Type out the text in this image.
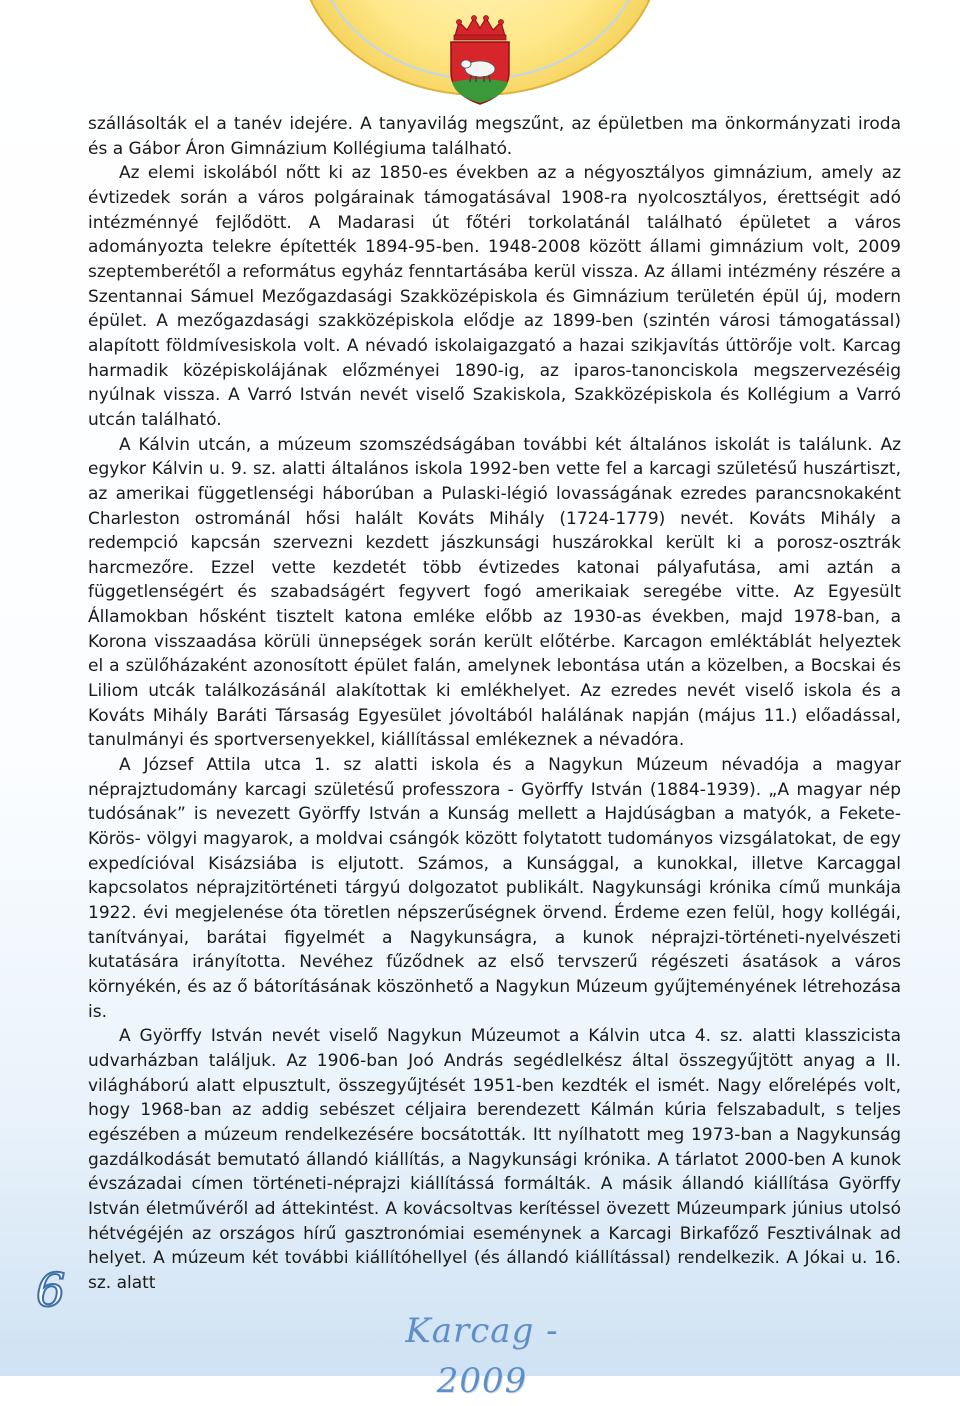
szállásolták el a tanév idejére. A tanyavilág megszűnt, az épületben ma önkormányzati iroda és a Gábor Áron Gimnázium Kollégiuma található.

Az elemi iskolából nőtt ki az 1850-es években az a négyosztályos gimnázium, amely az évtizedek során a város polgárainak támogatásával 1908-ra nyolcosztályos, érettségit adó intézménnyé fejlődött. A Madarasi út főtéri torkolatánál található épületet a város adományozta telekre építették 1894-95-ben. 1948-2008 között állami gimnázium volt, 2009 szeptemberétől a református egyház fenntartásába kerül vissza. Az állami intézmény részére a Szentannai Sámuel Mezőgazdasági Szakközépiskola és Gimnázium területén épül új, modern épület. A mezőgazdasági szakközépiskola elődje az 1899-ben (szintén városi támogatással) alapított földmívesiskola volt. A névadó iskolaigazgató a hazai szikjavítás úttörője volt. Karcag harmadik középiskolájának előzményei 1890-ig, az iparos-tanonciskola megszervezéséig nyúlnak vissza. A Varró István nevét viselő Szakiskola, Szakközépiskola és Kollégium a Varró utcán található.

A Kálvin utcán, a múzeum szomszédságában további két általános iskolát is találunk. Az egykor Kálvin u. 9. sz. alatti általános iskola 1992-ben vette fel a karcagi születésű huszártiszt, az amerikai függetlenségi háborúban a Pulaski-légió lovasságának ezredes parancsnokaként Charleston ostrománál hősi halált Kováts Mihály (1724-1779) nevét. Kováts Mihály a redempció kapcsán szervezni kezdett jászkunsági huszárokkal került ki a porosz-osztrák harcmezőre. Ezzel vette kezdetét több évtizedes katonai pályafutása, ami aztán a függetlenségért és szabadságért fegyvert fogó amerikaiak seregébe vitte. Az Egyesült Államokban hősként tisztelt katona emléke előbb az 1930-as években, majd 1978-ban, a Korona visszaadása körüli ünnepségek során került előtérbe. Karcagon emléktáblát helyeztek el a szülőházaként azonosított épület falán, amelynek lebontása után a közelben, a Bocskai és Liliom utcák találkozásánál alakítottak ki emlékhelyet. Az ezredes nevét viselő iskola és a Kováts Mihály Baráti Társaság Egyesület jóvoltából halálának napján (május 11.) előadással, tanulmányi és sportversenyekkel, kiállítással emlékeznek a névadóra.

A József Attila utca 1. sz alatti iskola és a Nagykun Múzeum névadója a magyar néprajztudomány karcagi születésű professzora - Györffy István (1884-1939). „A magyar nép tudósának” is nevezett Györffy István a Kunság mellett a Hajdúságban a matyók, a Fekete-Körös- völgyi magyarok, a moldvai csángók között folytatott tudományos vizsgálatokat, de egy expedícióval Kisázsiába is eljutott. Számos, a Kunsággal, a kunokkal, illetve Karcaggal kapcsolatos néprajzitörténeti tárgyú dolgozatot publikált. Nagykunsági krónika című munkája 1922. évi megjelenése óta töretlen népszerűségnek örvend. Érdeme ezen felül, hogy kollégái, tanítványai, barátai figyelmét a Nagykunságra, a kunok néprajzi-történeti-nyelvészeti kutatására irányította. Nevéhez fűződnek az első tervszerű régészeti ásatások a város környékén, és az ő bátorításának köszönhető a Nagykun Múzeum gyűjteményének létrehozása is.

A Györffy István nevét viselő Nagykun Múzeumot a Kálvin utca 4. sz. alatti klasszicista udvarházban találjuk. Az 1906-ban Joó András segédlelkész által összegyűjtött anyag a II. világháború alatt elpusztult, összegyűjtését 1951-ben kezdték el ismét. Nagy előrelépés volt, hogy 1968-ban az addig sebészet céljaira berendezett Kálmán kúria felszabadult, s teljes egészében a múzeum rendelkezésére bocsátották. Itt nyílhatott meg 1973-ban a Nagykunság gazdálkodását bemutató állandó kiállítás, a Nagykunsági krónika. A tárlatot 2000-ben A kunok évszázadai címen történeti-néprajzi kiállítássá formálták. A másik állandó kiállítása Györffy István életművéről ad áttekintést. A kovácsoltvas kerítéssel övezett Múzeumpark június utolsó hétvégéjén az országos hírű gasztronómiai eseménynek a Karcagi Birkafőző Fesztiválnak ad helyet. A múzeum két további kiállítóhellyel (és állandó kiállítással) rendelkezik. A Jókai u. 16. sz. alatt

6
Karcag - 2009
